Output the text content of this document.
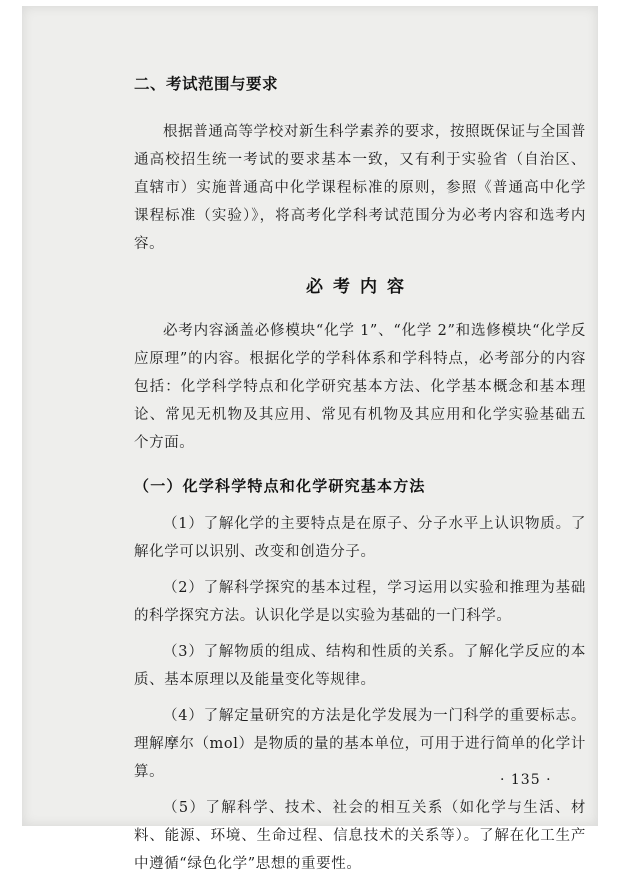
二、考试范围与要求

根据普通高等学校对新生科学素养的要求，按照既保证与全国普通高校招生统一考试的要求基本一致，又有利于实验省（自治区、直辖市）实施普通高中化学课程标准的原则，参照《普通高中化学课程标准（实验）》，将高考化学科考试范围分为必考内容和选考内容。

必考内容

必考内容涵盖必修模块“化学 1”、“化学 2”和选修模块“化学反应原理”的内容。根据化学的学科体系和学科特点，必考部分的内容包括：化学科学特点和化学研究基本方法、化学基本概念和基本理论、常见无机物及其应用、常见有机物及其应用和化学实验基础五个方面。

（一）化学科学特点和化学研究基本方法

（1）了解化学的主要特点是在原子、分子水平上认识物质。了解化学可以识别、改变和创造分子。

（2）了解科学探究的基本过程，学习运用以实验和推理为基础的科学探究方法。认识化学是以实验为基础的一门科学。

（3）了解物质的组成、结构和性质的关系。了解化学反应的本质、基本原理以及能量变化等规律。

（4）了解定量研究的方法是化学发展为一门科学的重要标志。理解摩尔（mol）是物质的量的基本单位，可用于进行简单的化学计算。

（5）了解科学、技术、社会的相互关系（如化学与生活、材料、能源、环境、生命过程、信息技术的关系等）。了解在化工生产中遵循“绿色化学”思想的重要性。

· 135 ·
